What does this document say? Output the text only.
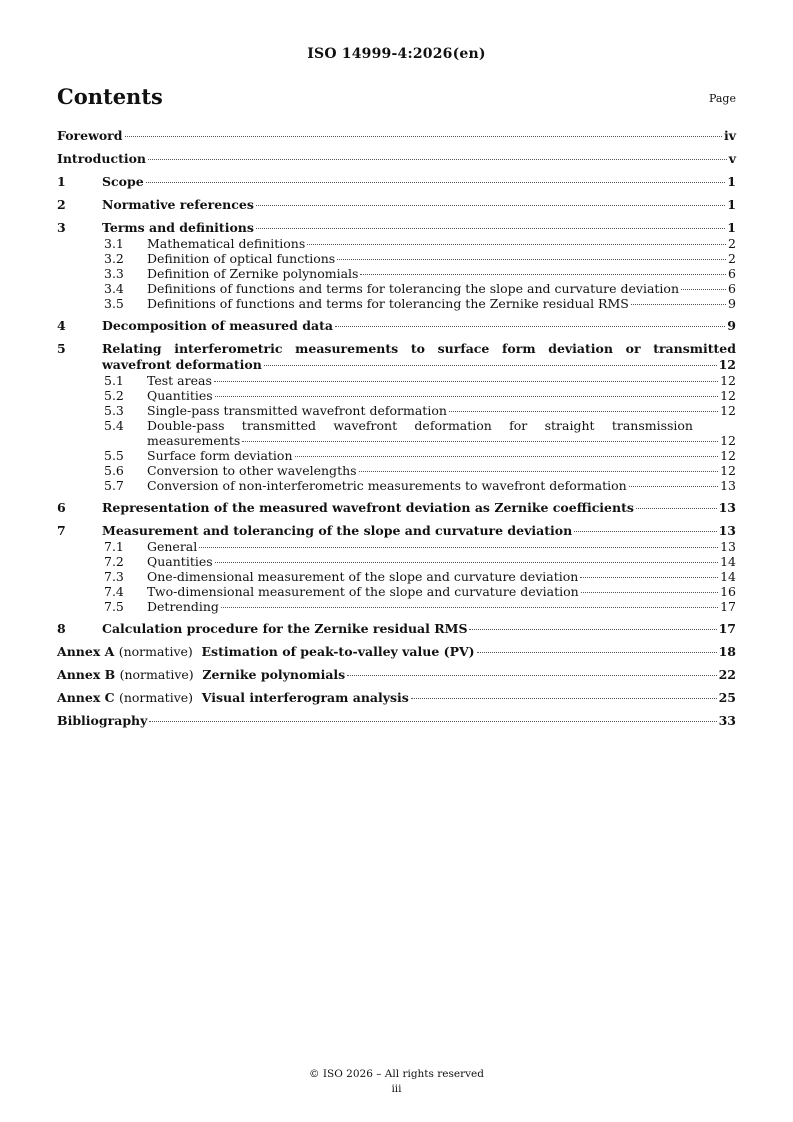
ISO 14999-4:2026(en)
Contents	Page
Foreword	iv
Introduction	v
1	Scope	1
2	Normative references	1
3	Terms and definitions	1
3.1	Mathematical definitions	2
3.2	Definition of optical functions	2
3.3	Definition of Zernike polynomials	6
3.4	Definitions of functions and terms for tolerancing the slope and curvature deviation	6
3.5	Definitions of functions and terms for tolerancing the Zernike residual RMS	9
4	Decomposition of measured data	9
5	Relating interferometric measurements to surface form deviation or transmitted
wavefront deformation	12
5.1	Test areas	12
5.2	Quantities	12
5.3	Single-pass transmitted wavefront deformation	12
5.4	Double-pass transmitted wavefront deformation for straight transmission
measurements	12
5.5	Surface form deviation	12
5.6	Conversion to other wavelengths	12
5.7	Conversion of non-interferometric measurements to wavefront deformation	13
6	Representation of the measured wavefront deviation as Zernike coefficients	13
7	Measurement and tolerancing of the slope and curvature deviation	13
7.1	General	13
7.2	Quantities	14
7.3	One-dimensional measurement of the slope and curvature deviation	14
7.4	Two-dimensional measurement of the slope and curvature deviation	16
7.5	Detrending	17
8	Calculation procedure for the Zernike residual RMS	17
Annex A
(normative)
Estimation of peak-to-valley value (PV)	18
Annex B
(normative)
Zernike polynomials	22
Annex C
(normative)
Visual interferogram analysis	25
Bibliography	33
© ISO 2026 – All rights reserved
iii
